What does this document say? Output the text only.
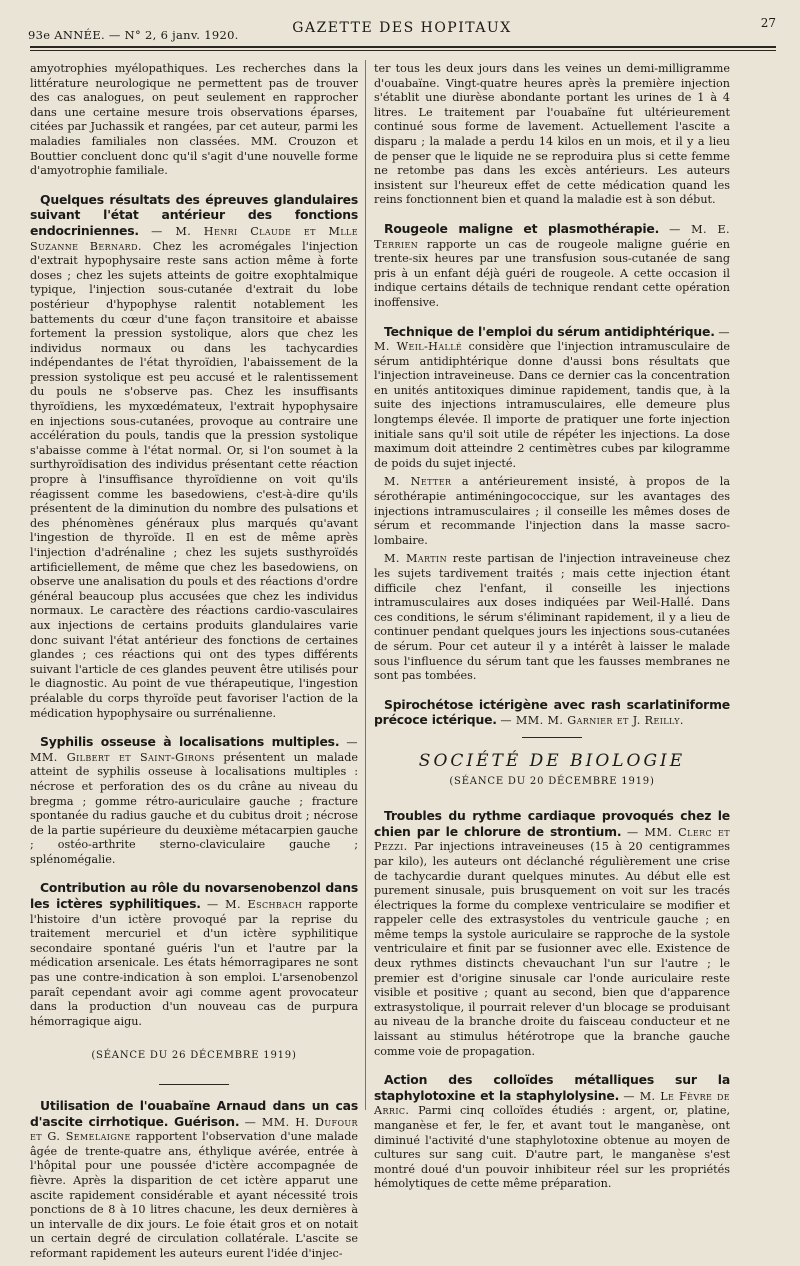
93e ANNÉE. — N° 2, 6 janv. 1920.	GAZETTE DES HOPITAUX	27

amyotrophies myélopathiques. Les recherches dans la littérature neurologique ne permettent pas de trouver des cas analogues, on peut seulement en rapprocher dans une certaine mesure trois observations éparses, citées par Juchassik et rangées, par cet auteur, parmi les maladies familiales non classées. MM. Crouzon et Bouttier concluent donc qu'il s'agit d'une nouvelle forme d'amyotrophie familiale.

Quelques résultats des épreuves glandulaires suivant l'état antérieur des fonctions endocriniennes. — M. Henri Claude et Mlle Suzanne Bernard. Chez les acromégales l'injection d'extrait hypophysaire reste sans action même à forte doses ; chez les sujets atteints de goitre exophtalmique typique, l'injection sous-cutanée d'extrait du lobe postérieur d'hypophyse ralentit notablement les battements du cœur d'une façon transitoire et abaisse fortement la pression systolique, alors que chez les individus normaux ou dans les tachycardies indépendantes de l'état thyroïdien, l'abaissement de la pression systolique est peu accusé et le ralentissement du pouls ne s'observe pas. Chez les insuffisants thyroïdiens, les myxœdémateux, l'extrait hypophysaire en injections sous-cutanées, provoque au contraire une accélération du pouls, tandis que la pression systolique s'abaisse comme à l'état normal. Or, si l'on soumet à la surthyroïdisation des individus présentant cette réaction propre à l'insuffisance thyroïdienne on voit qu'ils réagissent comme les basedowiens, c'est-à-dire qu'ils présentent de la diminution du nombre des pulsations et des phénomènes généraux plus marqués qu'avant l'ingestion de thyroïde. Il en est de même après l'injection d'adrénaline ; chez les sujets susthyroïdés artificiellement, de même que chez les basedowiens, on observe une analisation du pouls et des réactions d'ordre général beaucoup plus accusées que chez les individus normaux. Le caractère des réactions cardio-vasculaires aux injections de certains produits glandulaires varie donc suivant l'état antérieur des fonctions de certaines glandes ; ces réactions qui ont des types différents suivant l'article de ces glandes peuvent être utilisés pour le diagnostic. Au point de vue thérapeutique, l'ingestion préalable du corps thyroïde peut favoriser l'action de la médication hypophysaire ou surrénalienne.

Syphilis osseuse à localisations multiples. — MM. Gilbert et Saint-Girons présentent un malade atteint de syphilis osseuse à localisations multiples : nécrose et perforation des os du crâne au niveau du bregma ; gomme rétro-auriculaire gauche ; fracture spontanée du radius gauche et du cubitus droit ; nécrose de la partie supérieure du deuxième métacarpien gauche ; ostéo-arthrite sterno-claviculaire gauche ; splénomégalie.

Contribution au rôle du novarsenobenzol dans les ictères syphilitiques. — M. Eschbach rapporte l'histoire d'un ictère provoqué par la reprise du traitement mercuriel et d'un ictère syphilitique secondaire spontané guéris l'un et l'autre par la médication arsenicale. Les états hémorragipares ne sont pas une contre-indication à son emploi. L'arsenobenzol paraît cependant avoir agi comme agent provocateur dans la production d'un nouveau cas de purpura hémorragique aigu.

(SÉANCE DU 26 DÉCEMBRE 1919)

Utilisation de l'ouabaïne Arnaud dans un cas d'ascite cirrhotique. Guérison. — MM. H. Dufour et G. Semelaigne rapportent l'observation d'une malade âgée de trente-quatre ans, éthylique avérée, entrée à l'hôpital pour une poussée d'ictère accompagnée de fièvre. Après la disparition de cet ictère apparut une ascite rapidement considérable et ayant nécessité trois ponctions de 8 à 10 litres chacune, les deux dernières à un intervalle de dix jours. Le foie était gros et on notait un certain degré de circulation collatérale. L'ascite se reformant rapidement les auteurs eurent l'idée d'injec-

ter tous les deux jours dans les veines un demi-milligramme d'ouabaïne. Vingt-quatre heures après la première injection s'établit une diurèse abondante portant les urines de 1 à 4 litres. Le traitement par l'ouabaïne fut ultérieurement continué sous forme de lavement. Actuellement l'ascite a disparu ; la malade a perdu 14 kilos en un mois, et il y a lieu de penser que le liquide ne se reproduira plus si cette femme ne retombe pas dans les excès antérieurs. Les auteurs insistent sur l'heureux effet de cette médication quand les reins fonctionnent bien et quand la maladie est à son début.

Rougeole maligne et plasmothérapie. — M. E. Terrien rapporte un cas de rougeole maligne guérie en trente-six heures par une transfusion sous-cutanée de sang pris à un enfant déjà guéri de rougeole. A cette occasion il indique certains détails de technique rendant cette opération inoffensive.

Technique de l'emploi du sérum antidiphtérique. — M. Weil-Hallé considère que l'injection intramusculaire de sérum antidiphtérique donne d'aussi bons résultats que l'injection intraveineuse. Dans ce dernier cas la concentration en unités antitoxiques diminue rapidement, tandis que, à la suite des injections intramusculaires, elle demeure plus longtemps élevée. Il importe de pratiquer une forte injection initiale sans qu'il soit utile de répéter les injections. La dose maximum doit atteindre 2 centimètres cubes par kilogramme de poids du sujet injecté.

M. Netter a antérieurement insisté, à propos de la sérothérapie antiméningococcique, sur les avantages des injections intramusculaires ; il conseille les mêmes doses de sérum et recommande l'injection dans la masse sacro-lombaire.

M. Martin reste partisan de l'injection intraveineuse chez les sujets tardivement traités ; mais cette injection étant difficile chez l'enfant, il conseille les injections intramusculaires aux doses indiquées par Weil-Hallé. Dans ces conditions, le sérum s'éliminant rapidement, il y a lieu de continuer pendant quelques jours les injections sous-cutanées de sérum. Pour cet auteur il y a intérêt à laisser le malade sous l'influence du sérum tant que les fausses membranes ne sont pas tombées.

Spirochétose ictérigène avec rash scarlatiniforme précoce ictérique. — MM. M. Garnier et J. Reilly.

SOCIÉTÉ DE BIOLOGIE

(SÉANCE DU 20 DÉCEMBRE 1919)

Troubles du rythme cardiaque provoqués chez le chien par le chlorure de strontium. — MM. Clerc et Pezzi. Par injections intraveineuses (15 à 20 centigrammes par kilo), les auteurs ont déclanché régulièrement une crise de tachycardie durant quelques minutes. Au début elle est purement sinusale, puis brusquement on voit sur les tracés électriques la forme du complexe ventriculaire se modifier et rappeler celle des extrasystoles du ventricule gauche ; en même temps la systole auriculaire se rapproche de la systole ventriculaire et finit par se fusionner avec elle. Existence de deux rythmes distincts chevauchant l'un sur l'autre ; le premier est d'origine sinusale car l'onde auriculaire reste visible et positive ; quant au second, bien que d'apparence extrasystolique, il pourrait relever d'un blocage se produisant au niveau de la branche droite du faisceau conducteur et ne laissant au stimulus hétérotrope que la branche gauche comme voie de propagation.

Action des colloïdes métalliques sur la staphylotoxine et la staphylolysine. — M. Le Fèvre de Arric. Parmi cinq colloïdes étudiés : argent, or, platine, manganèse et fer, le fer, et avant tout le manganèse, ont diminué l'activité d'une staphylotoxine obtenue au moyen de cultures sur sang cuit. D'autre part, le manganèse s'est montré doué d'un pouvoir inhibiteur réel sur les propriétés hémolytiques de cette même préparation.
